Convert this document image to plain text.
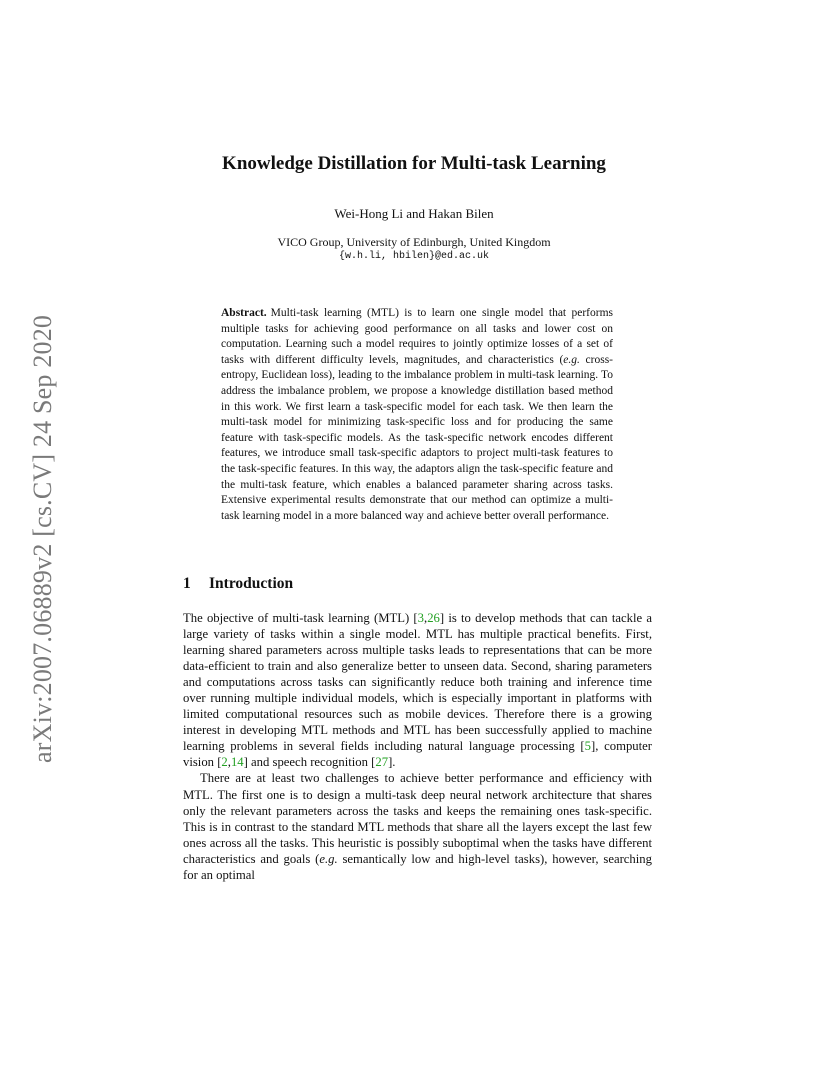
arXiv:2007.06889v2 [cs.CV] 24 Sep 2020
Knowledge Distillation for Multi-task Learning
Wei-Hong Li and Hakan Bilen
VICO Group, University of Edinburgh, United Kingdom
{w.h.li, hbilen}@ed.ac.uk
Abstract. Multi-task learning (MTL) is to learn one single model that performs multiple tasks for achieving good performance on all tasks and lower cost on computation. Learning such a model requires to jointly optimize losses of a set of tasks with different difficulty levels, magnitudes, and characteristics (e.g. cross-entropy, Euclidean loss), leading to the imbalance problem in multi-task learning. To address the imbalance problem, we propose a knowledge distillation based method in this work. We first learn a task-specific model for each task. We then learn the multi-task model for minimizing task-specific loss and for producing the same feature with task-specific models. As the task-specific network encodes different features, we introduce small task-specific adaptors to project multi-task features to the task-specific features. In this way, the adaptors align the task-specific feature and the multi-task feature, which enables a balanced parameter sharing across tasks. Extensive experimental results demonstrate that our method can optimize a multi-task learning model in a more balanced way and achieve better overall performance.
1 Introduction

The objective of multi-task learning (MTL) [3,26] is to develop methods that can tackle a large variety of tasks within a single model. MTL has multiple practical benefits. First, learning shared parameters across multiple tasks leads to representations that can be more data-efficient to train and also generalize better to unseen data. Second, sharing parameters and computations across tasks can significantly reduce both training and inference time over running multiple individual models, which is especially important in platforms with limited computational resources such as mobile devices. Therefore there is a growing interest in developing MTL methods and MTL has been successfully applied to machine learning problems in several fields including natural language processing [5], computer vision [2,14] and speech recognition [27].

There are at least two challenges to achieve better performance and efficiency with MTL. The first one is to design a multi-task deep neural network architecture that shares only the relevant parameters across the tasks and keeps the remaining ones task-specific. This is in contrast to the standard MTL methods that share all the layers except the last few ones across all the tasks. This heuristic is possibly suboptimal when the tasks have different characteristics and goals (e.g. semantically low and high-level tasks), however, searching for an optimal
